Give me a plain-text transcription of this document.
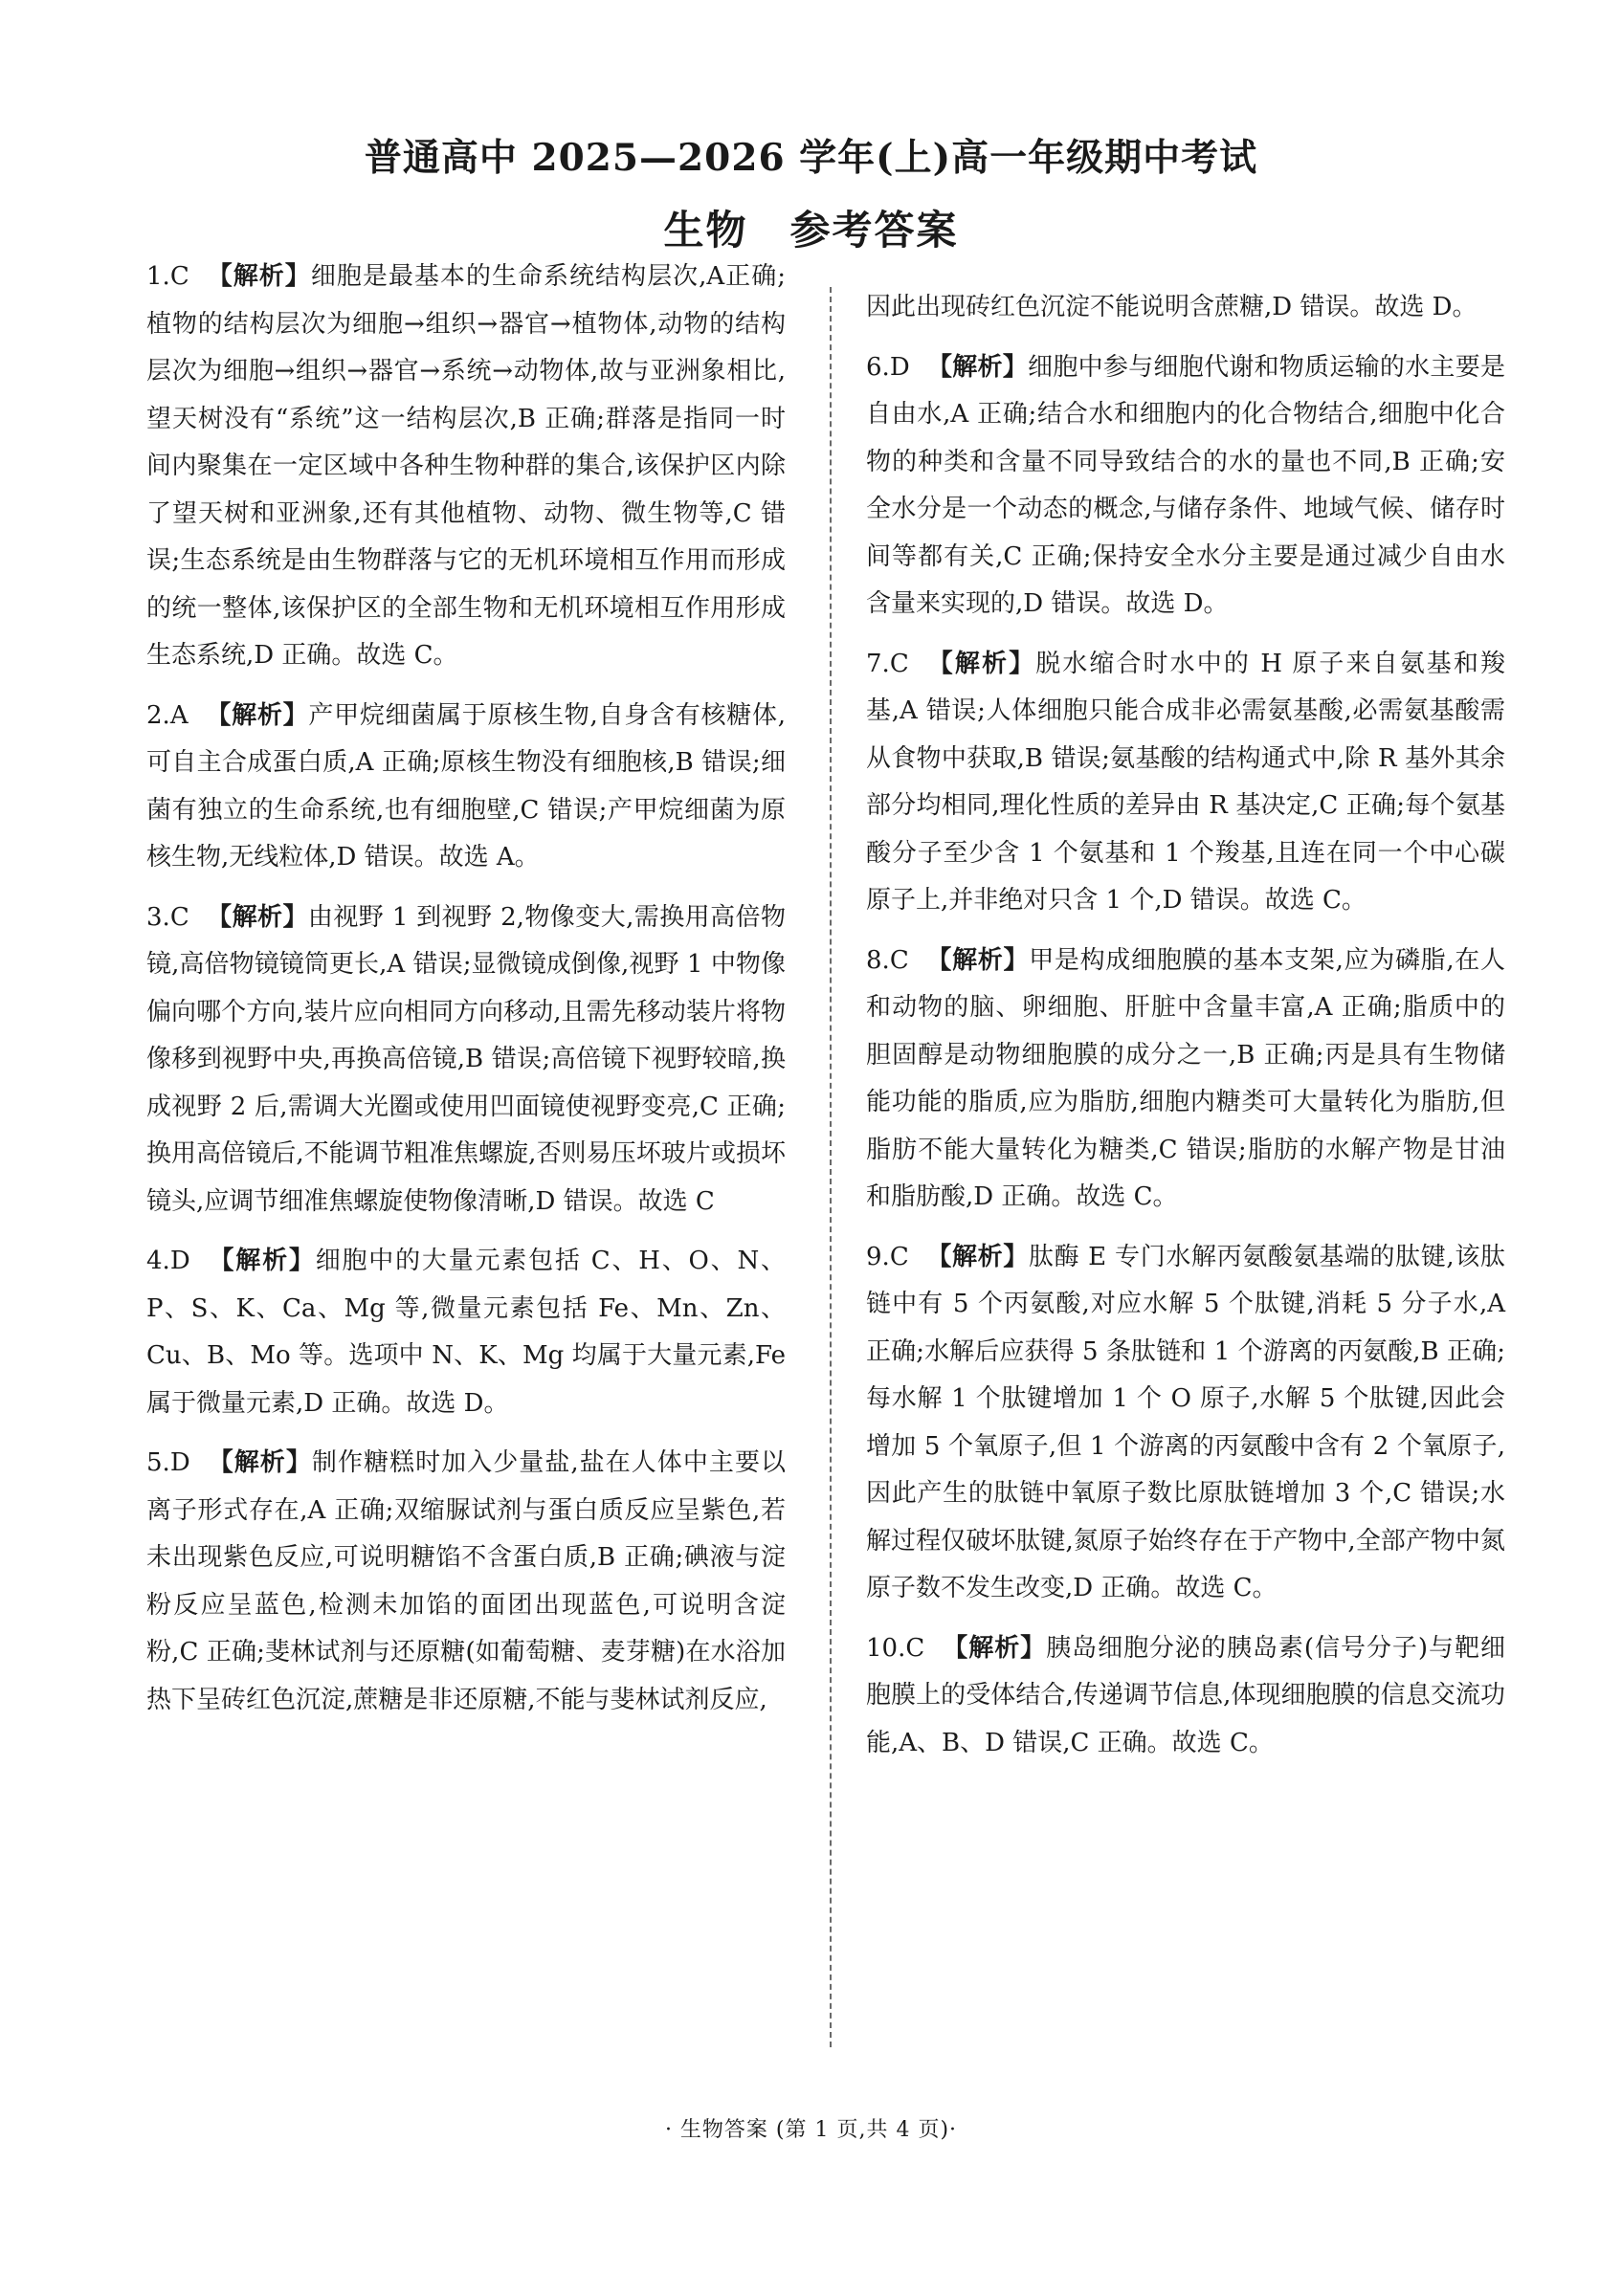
普通高中 2025—2026 学年(上)高一年级期中考试
生物 参考答案

1.C 【解析】细胞是最基本的生命系统结构层次,A正确;植物的结构层次为细胞→组织→器官→植物体,动物的结构层次为细胞→组织→器官→系统→动物体,故与亚洲象相比,望天树没有“系统”这一结构层次,B 正确;群落是指同一时间内聚集在一定区域中各种生物种群的集合,该保护区内除了望天树和亚洲象,还有其他植物、动物、微生物等,C 错误;生态系统是由生物群落与它的无机环境相互作用而形成的统一整体,该保护区的全部生物和无机环境相互作用形成生态系统,D 正确。故选 C。

2.A 【解析】产甲烷细菌属于原核生物,自身含有核糖体,可自主合成蛋白质,A 正确;原核生物没有细胞核,B 错误;细菌有独立的生命系统,也有细胞壁,C 错误;产甲烷细菌为原核生物,无线粒体,D 错误。故选 A。

3.C 【解析】由视野 1 到视野 2,物像变大,需换用高倍物镜,高倍物镜镜筒更长,A 错误;显微镜成倒像,视野 1 中物像偏向哪个方向,装片应向相同方向移动,且需先移动装片将物像移到视野中央,再换高倍镜,B 错误;高倍镜下视野较暗,换成视野 2 后,需调大光圈或使用凹面镜使视野变亮,C 正确;换用高倍镜后,不能调节粗准焦螺旋,否则易压坏玻片或损坏镜头,应调节细准焦螺旋使物像清晰,D 错误。故选 C

4.D 【解析】细胞中的大量元素包括 C、H、O、N、P、S、K、Ca、Mg 等,微量元素包括 Fe、Mn、Zn、Cu、B、Mo 等。选项中 N、K、Mg 均属于大量元素,Fe 属于微量元素,D 正确。故选 D。

5.D 【解析】制作糖糕时加入少量盐,盐在人体中主要以离子形式存在,A 正确;双缩脲试剂与蛋白质反应呈紫色,若未出现紫色反应,可说明糖馅不含蛋白质,B 正确;碘液与淀粉反应呈蓝色,检测未加馅的面团出现蓝色,可说明含淀粉,C 正确;斐林试剂与还原糖(如葡萄糖、麦芽糖)在水浴加热下呈砖红色沉淀,蔗糖是非还原糖,不能与斐林试剂反应,

因此出现砖红色沉淀不能说明含蔗糖,D 错误。故选 D。

6.D 【解析】细胞中参与细胞代谢和物质运输的水主要是自由水,A 正确;结合水和细胞内的化合物结合,细胞中化合物的种类和含量不同导致结合的水的量也不同,B 正确;安全水分是一个动态的概念,与储存条件、地域气候、储存时间等都有关,C 正确;保持安全水分主要是通过减少自由水含量来实现的,D 错误。故选 D。

7.C 【解析】脱水缩合时水中的 H 原子来自氨基和羧基,A 错误;人体细胞只能合成非必需氨基酸,必需氨基酸需从食物中获取,B 错误;氨基酸的结构通式中,除 R 基外其余部分均相同,理化性质的差异由 R 基决定,C 正确;每个氨基酸分子至少含 1 个氨基和 1 个羧基,且连在同一个中心碳原子上,并非绝对只含 1 个,D 错误。故选 C。

8.C 【解析】甲是构成细胞膜的基本支架,应为磷脂,在人和动物的脑、卵细胞、肝脏中含量丰富,A 正确;脂质中的胆固醇是动物细胞膜的成分之一,B 正确;丙是具有生物储能功能的脂质,应为脂肪,细胞内糖类可大量转化为脂肪,但脂肪不能大量转化为糖类,C 错误;脂肪的水解产物是甘油和脂肪酸,D 正确。故选 C。

9.C 【解析】肽酶 E 专门水解丙氨酸氨基端的肽键,该肽链中有 5 个丙氨酸,对应水解 5 个肽键,消耗 5 分子水,A 正确;水解后应获得 5 条肽链和 1 个游离的丙氨酸,B 正确;每水解 1 个肽键增加 1 个 O 原子,水解 5 个肽键,因此会增加 5 个氧原子,但 1 个游离的丙氨酸中含有 2 个氧原子,因此产生的肽链中氧原子数比原肽链增加 3 个,C 错误;水解过程仅破坏肽键,氮原子始终存在于产物中,全部产物中氮原子数不发生改变,D 正确。故选 C。

10.C 【解析】胰岛细胞分泌的胰岛素(信号分子)与靶细胞膜上的受体结合,传递调节信息,体现细胞膜的信息交流功能,A、B、D 错误,C 正确。故选 C。

· 生物答案 (第 1 页,共 4 页)·
